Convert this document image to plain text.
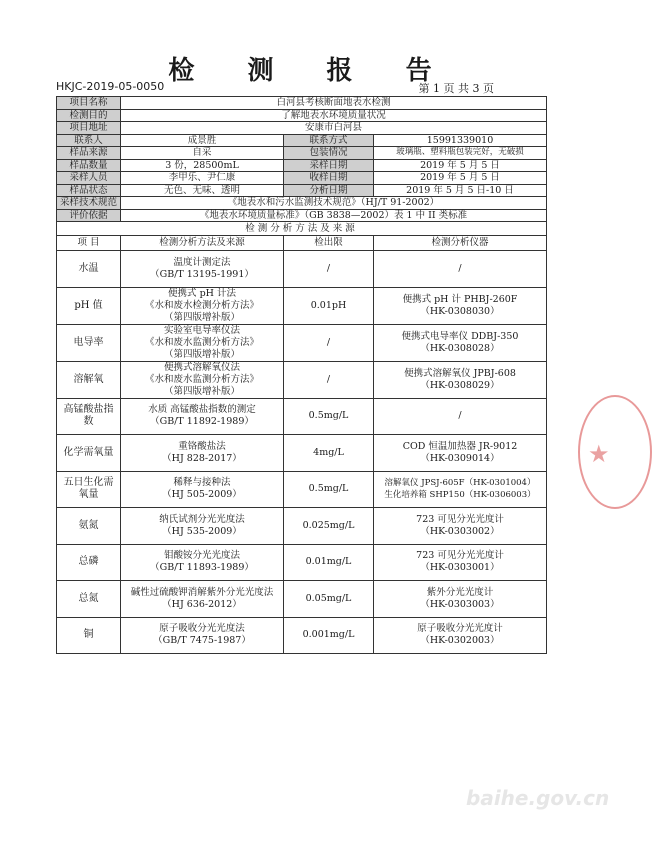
检 测 报 告
HKJC-2019-05-0050	第 1 页 共 3 页
项目名称	白河县考核断面地表水检测		
检测目的	了解地表水环境质量状况		
项目地址	安康市白河县		
联系人	成景胜	联系方式	15991339010
样品来源	自采	包装情况	玻璃瓶、塑料瓶包装完好，无破损
样品数量	3 份，28500mL	采样日期	2019 年 5 月 5 日
采样人员	李甲乐、尹仁康	收样日期	2019 年 5 月 5 日
样品状态	无色、无味、透明	分析日期	2019 年 5 月 5 日-10 日
采样技术规范	《地表水和污水监测技术规范》（HJ/T 91-2002）		
评价依据	《地表水环境质量标准》（GB 3838—2002）表 1 中 II 类标准		
检测分析方法及来源			
项 目	检测分析方法及来源	检出限	检测分析仪器
水温	温度计测定法
（GB/T 13195-1991）	/	/

pH 值	便携式 pH 计法
《水和废水检测分析方法》
（第四版增补版）	0.01pH	便携式 pH 计 PHBJ-260F
（HK-0308030）

电导率	实验室电导率仪法
《水和废水监测分析方法》
（第四版增补版）	/	便携式电导率仪 DDBJ-350
（HK-0308028）

溶解氧	便携式溶解氧仪法
《水和废水监测分析方法》
（第四版增补版）	/	便携式溶解氧仪 JPBJ-608
（HK-0308029）

高锰酸盐指数	水质 高锰酸盐指数的测定
（GB/T 11892-1989）	0.5mg/L	/

化学需氧量	重铬酸盐法
（HJ 828-2017）	4mg/L	COD 恒温加热器 JR-9012
（HK-0309014）

五日生化需氧量	稀释与接种法
（HJ 505-2009）	0.5mg/L	溶解氧仪 JPSJ-605F（HK-0301004）
生化培养箱 SHP150（HK-0306003）

氨氮	纳氏试剂分光光度法
（HJ 535-2009）	0.025mg/L	723 可见分光光度计
（HK-0303002）

总磷	钼酸铵分光光度法
（GB/T 11893-1989）	0.01mg/L	723 可见分光光度计
（HK-0303001）

总氮	碱性过硫酸钾消解紫外分光光度法
（HJ 636-2012）	0.05mg/L	紫外分光光度计
（HK-0303003）

铜	原子吸收分光光度法
（GB/T 7475-1987）	0.001mg/L	原子吸收分光光度计
（HK-0302003）
★
baihe.gov.cn
